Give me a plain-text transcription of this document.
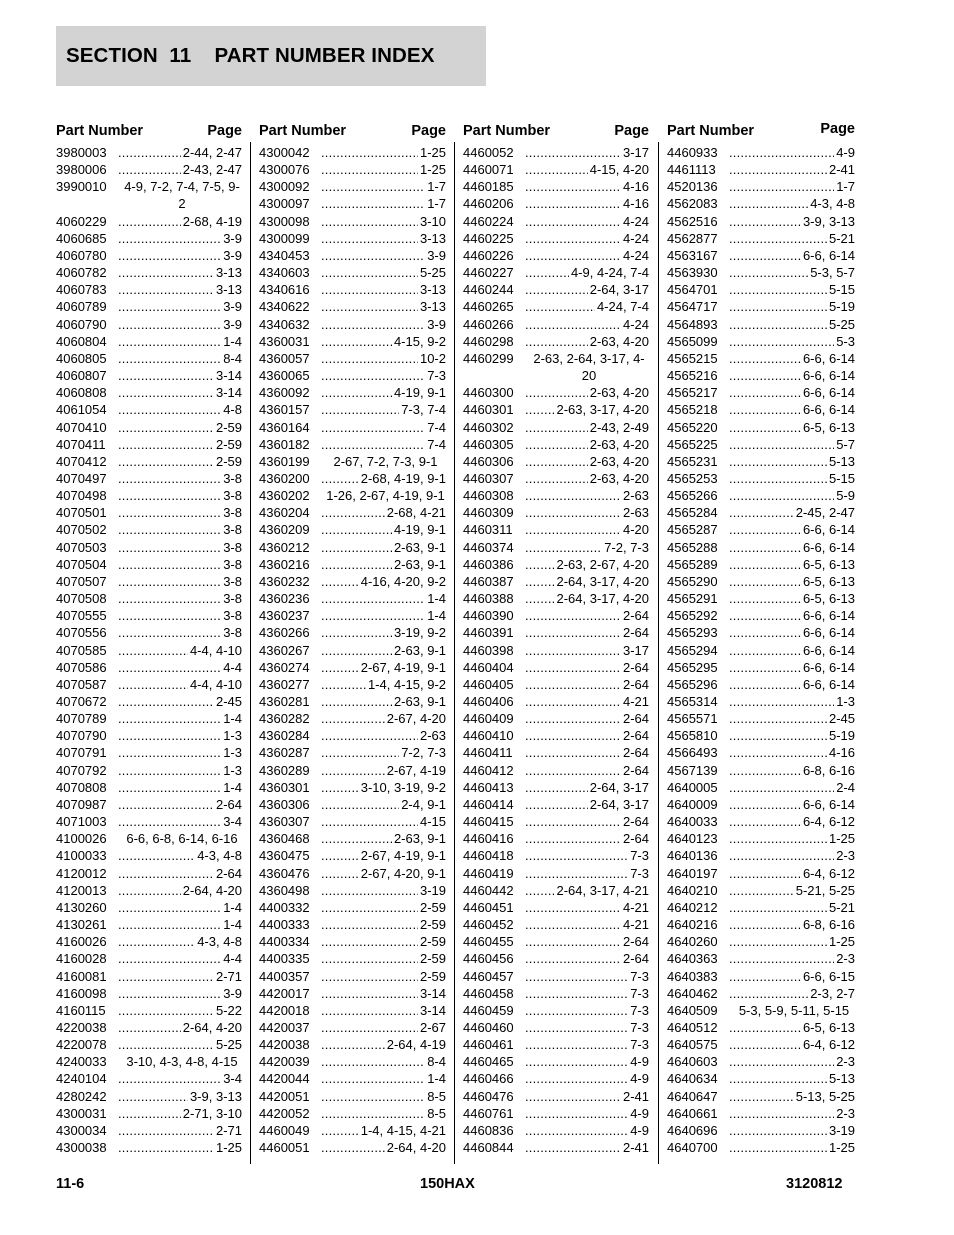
SECTION  11
PART NUMBER INDEX
Part Number	Page
3980003 .....	2-44, 2-47
3980006 .....	2-43, 2-47
3990010	4-9, 7-2, 7-4, 7-5, 9-2
4060229 .....	2-68, 4-19
4060685 .....	3-9
4060780 .....	3-9
4060782 .....	3-13
4060783 .....	3-13
4060789 .....	3-9
4060790 .....	3-9
4060804 .....	1-4
4060805 .....	8-4
4060807 .....	3-14
4060808 .....	3-14
4061054 .....	4-8
4070410 .....	2-59
4070411 .....	2-59
4070412 .....	2-59
4070497 .....	3-8
4070498 .....	3-8
4070501 .....	3-8
4070502 .....	3-8
4070503 .....	3-8
4070504 .....	3-8
4070507 .....	3-8
4070508 .....	3-8
4070555 .....	3-8
4070556 .....	3-8
4070585 .....	4-4, 4-10
4070586 .....	4-4
4070587 .....	4-4, 4-10
4070672 .....	2-45
4070789 .....	1-4
4070790 .....	1-3
4070791 .....	1-3
4070792 .....	1-3
4070808 .....	1-4
4070987 .....	2-64
4071003 .....	3-4
4100026	6-6, 6-8, 6-14, 6-16
4100033 .....	4-3, 4-8
4120012 .....	2-64
4120013 .....	2-64, 4-20
4130260 .....	1-4
4130261 .....	1-4
4160026 .....	4-3, 4-8
4160028 .....	4-4
4160081 .....	2-71
4160098 .....	3-9
4160115 .....	5-22
4220038 .....	2-64, 4-20
4220078 .....	5-25
4240033	3-10, 4-3, 4-8, 4-15
4240104 .....	3-4
4280242 .....	3-9, 3-13
4300031 .....	2-71, 3-10
4300034 .....	2-71
4300038 .....	1-25
Part Number	Page
4300042 .....	1-25
4300076 .....	1-25
4300092 .....	1-7
4300097 .....	1-7
4300098 .....	3-10
4300099 .....	3-13
4340453 .....	3-9
4340603 .....	5-25
4340616 .....	3-13
4340622 .....	3-13
4340632 .....	3-9
4360031 .....	4-15, 9-2
4360057 .....	10-2
4360065 .....	7-3
4360092 .....	4-19, 9-1
4360157 .....	7-3, 7-4
4360164 .....	7-4
4360182 .....	7-4
4360199	2-67, 7-2, 7-3, 9-1
4360200 .....	2-68, 4-19, 9-1
4360202	1-26, 2-67, 4-19, 9-1
4360204 .....	2-68, 4-21
4360209 .....	4-19, 9-1
4360212 .....	2-63, 9-1
4360216 .....	2-63, 9-1
4360232 .....	4-16, 4-20, 9-2
4360236 .....	1-4
4360237 .....	1-4
4360266 .....	3-19, 9-2
4360267 .....	2-63, 9-1
4360274 .....	2-67, 4-19, 9-1
4360277 .....	1-4, 4-15, 9-2
4360281 .....	2-63, 9-1
4360282 .....	2-67, 4-20
4360284 .....	2-63
4360287 .....	7-2, 7-3
4360289 .....	2-67, 4-19
4360301 .....	3-10, 3-19, 9-2
4360306 .....	2-4, 9-1
4360307 .....	4-15
4360468 .....	2-63, 9-1
4360475 .....	2-67, 4-19, 9-1
4360476 .....	2-67, 4-20, 9-1
4360498 .....	3-19
4400332 .....	2-59
4400333 .....	2-59
4400334 .....	2-59
4400335 .....	2-59
4400357 .....	2-59
4420017 .....	3-14
4420018 .....	3-14
4420037 .....	2-67
4420038 .....	2-64, 4-19
4420039 .....	8-4
4420044 .....	1-4
4420051 .....	8-5
4420052 .....	8-5
4460049 .....	1-4, 4-15, 4-21
4460051 .....	2-64, 4-20
Part Number	Page
4460052 .....	3-17
4460071 .....	4-15, 4-20
4460185 .....	4-16
4460206 .....	4-16
4460224 .....	4-24
4460225 .....	4-24
4460226 .....	4-24
4460227 .....	4-9, 4-24, 7-4
4460244 .....	2-64, 3-17
4460265 .....	4-24, 7-4
4460266 .....	4-24
4460298 .....	2-63, 4-20
4460299	2-63, 2-64, 3-17, 4-20
4460300 .....	2-63, 4-20
4460301 .....	2-63, 3-17, 4-20
4460302 .....	2-43, 2-49
4460305 .....	2-63, 4-20
4460306 .....	2-63, 4-20
4460307 .....	2-63, 4-20
4460308 .....	2-63
4460309 .....	2-63
4460311 .....	4-20
4460374 .....	7-2, 7-3
4460386 .....	2-63, 2-67, 4-20
4460387 .....	2-64, 3-17, 4-20
4460388 .....	2-64, 3-17, 4-20
4460390 .....	2-64
4460391 .....	2-64
4460398 .....	3-17
4460404 .....	2-64
4460405 .....	2-64
4460406 .....	4-21
4460409 .....	2-64
4460410 .....	2-64
4460411 .....	2-64
4460412 .....	2-64
4460413 .....	2-64, 3-17
4460414 .....	2-64, 3-17
4460415 .....	2-64
4460416 .....	2-64
4460418 .....	7-3
4460419 .....	7-3
4460442 .....	2-64, 3-17, 4-21
4460451 .....	4-21
4460452 .....	4-21
4460455 .....	2-64
4460456 .....	2-64
4460457 .....	7-3
4460458 .....	7-3
4460459 .....	7-3
4460460 .....	7-3
4460461 .....	7-3
4460465 .....	4-9
4460466 .....	4-9
4460476 .....	2-41
4460761 .....	4-9
4460836 .....	4-9
4460844 .....	2-41
Part Number	Page
4460933 .....	4-9
4461113 .....	2-41
4520136 .....	1-7
4562083 .....	4-3, 4-8
4562516 .....	3-9, 3-13
4562877 .....	5-21
4563167 .....	6-6, 6-14
4563930 .....	5-3, 5-7
4564701 .....	5-15
4564717 .....	5-19
4564893 .....	5-25
4565099 .....	5-3
4565215 .....	6-6, 6-14
4565216 .....	6-6, 6-14
4565217 .....	6-6, 6-14
4565218 .....	6-6, 6-14
4565220 .....	6-5, 6-13
4565225 .....	5-7
4565231 .....	5-13
4565253 .....	5-15
4565266 .....	5-9
4565284 .....	2-45, 2-47
4565287 .....	6-6, 6-14
4565288 .....	6-6, 6-14
4565289 .....	6-5, 6-13
4565290 .....	6-5, 6-13
4565291 .....	6-5, 6-13
4565292 .....	6-6, 6-14
4565293 .....	6-6, 6-14
4565294 .....	6-6, 6-14
4565295 .....	6-6, 6-14
4565296 .....	6-6, 6-14
4565314 .....	1-3
4565571 .....	2-45
4565810 .....	5-19
4566493 .....	4-16
4567139 .....	6-8, 6-16
4640005 .....	2-4
4640009 .....	6-6, 6-14
4640033 .....	6-4, 6-12
4640123 .....	1-25
4640136 .....	2-3
4640197 .....	6-4, 6-12
4640210 .....	5-21, 5-25
4640212 .....	5-21
4640216 .....	6-8, 6-16
4640260 .....	1-25
4640363 .....	2-3
4640383 .....	6-6, 6-15
4640462 .....	2-3, 2-7
4640509	5-3, 5-9, 5-11, 5-15
4640512 .....	6-5, 6-13
4640575 .....	6-4, 6-12
4640603 .....	2-3
4640634 .....	5-13
4640647 .....	5-13, 5-25
4640661 .....	2-3
4640696 .....	3-19
4640700 .....	1-25
11-6	150HAX	3120812
